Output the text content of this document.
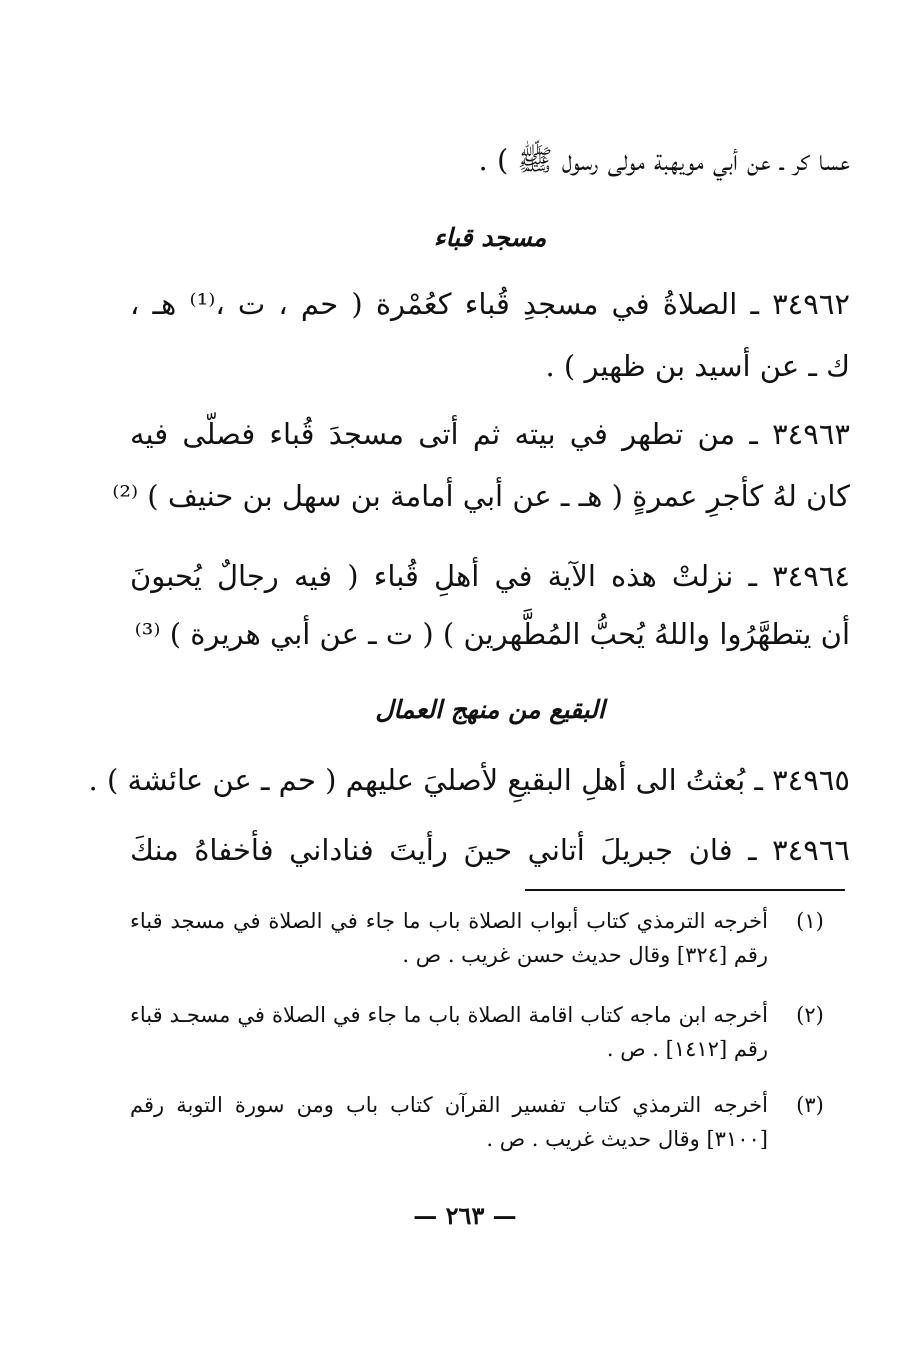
عسا كر ـ عن أبي مويهبة مولى رسول ﷺ ) .
مسجد قباء
٣٤٩٦٢ ـ الصلاةُ في مسجدِ قُباء كعُمْرة ( حم ، ت ،⁽¹⁾ هـ ،
ك ـ عن أسيد بن ظهير ) .
٣٤٩٦٣ ـ من تطهر في بيته ثم أتى مسجدَ قُباء فصلّى فيه
كان لهُ كأجرِ عمرةٍ ( هـ ـ عن أبي أمامة بن سهل بن حنيف ) ⁽²⁾
٣٤٩٦٤ ـ نزلتْ هذه الآية في أهلِ قُباء ( فيه رجالٌ يُحبونَ
أن يتطهَّرُوا واللهُ يُحبُّ المُطَّهرين ) ( ت ـ عن أبي هريرة ) ⁽³⁾
البقيع من منهج العمال
٣٤٩٦٥ ـ بُعثتُ الى أهلِ البقيعِ لأصليَ عليهم ( حم ـ عن عائشة ) .
٣٤٩٦٦ ـ فان جبريلَ أتاني حينَ رأيتَ فناداني فأخفاهُ منكَ
(١)
أخرجه الترمذي كتاب أبواب الصلاة باب ما جاء في الصلاة في مسجد قباء رقم [٣٢٤] وقال حديث حسن غريب . ص .
(٢)
أخرجه ابن ماجه كتاب اقامة الصلاة باب ما جاء في الصلاة في مسجـد قباء رقم [١٤١٢] . ص .
(٣)
أخرجه الترمذي كتاب تفسير القرآن كتاب باب ومن سورة التوبة رقم [٣١٠٠] وقال حديث غريب . ص .
— ٢٦٣ —
